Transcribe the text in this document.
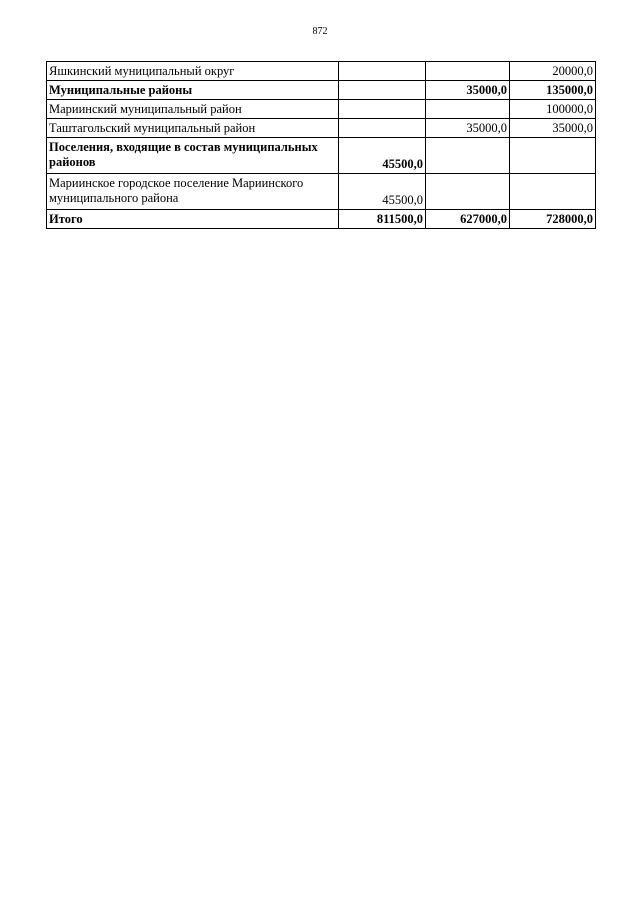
872
Яшкинский муниципальный округ			20000,0
Муниципальные районы		35000,0	135000,0
Мариинский муниципальный район			100000,0
Таштагольский муниципальный район		35000,0	35000,0
Поселения, входящие в состав муниципальных районов	45500,0		
Мариинское городское поселение Мариинского муниципального района	45500,0		
Итого	811500,0	627000,0	728000,0
